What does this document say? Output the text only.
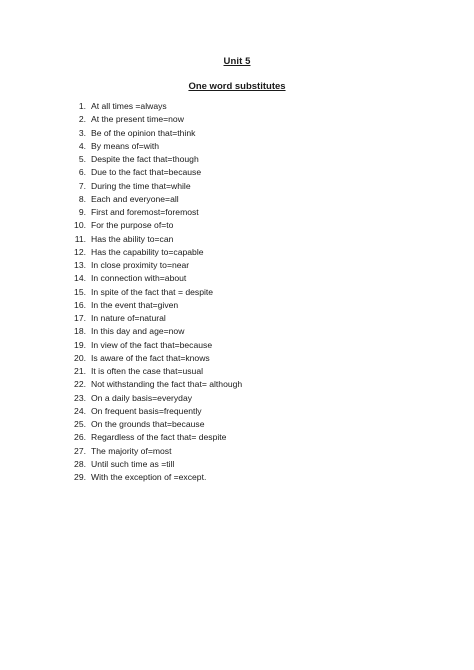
Unit 5
One word substitutes
1. At all times =always
2. At the present time=now
3. Be of the opinion that=think
4. By means of=with
5. Despite the fact that=though
6. Due to the fact that=because
7. During the time that=while
8. Each and everyone=all
9. First and foremost=foremost
10. For the purpose of=to
11. Has the ability to=can
12. Has the capability to=capable
13. In close proximity to=near
14. In connection with=about
15. In spite of the fact that = despite
16. In the event that=given
17. In nature of=natural
18. In this day and age=now
19. In view of the fact that=because
20. Is aware of the fact that=knows
21. It is often the case that=usual
22. Not withstanding the fact that= although
23. On a daily basis=everyday
24. On frequent basis=frequently
25. On the grounds that=because
26. Regardless of the fact that= despite
27. The majority of=most
28. Until such time as =till
29. With the exception of =except.
